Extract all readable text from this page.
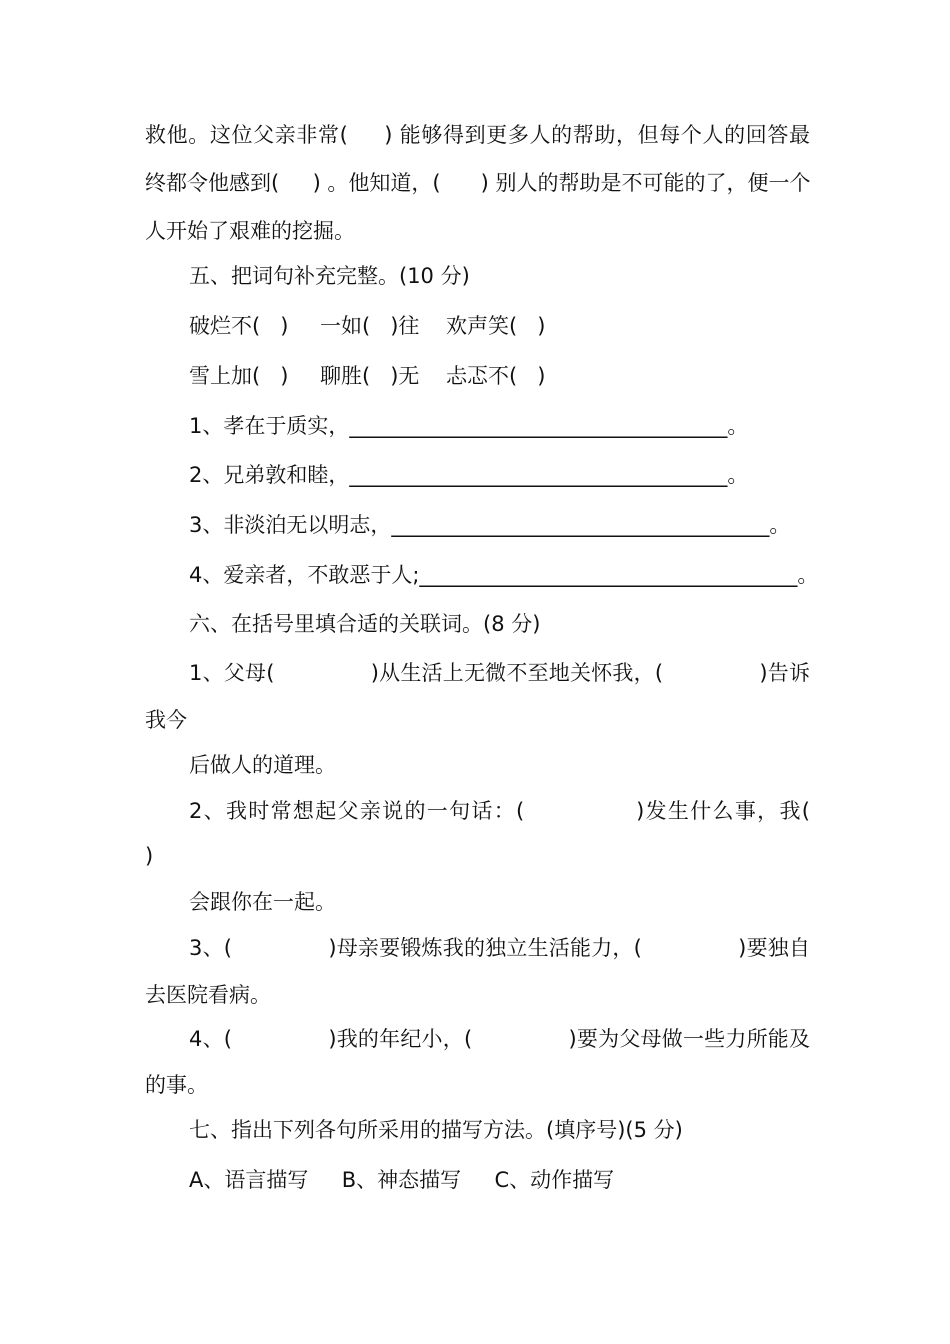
救他。这位父亲非常(     ) 能够得到更多人的帮助，但每个人的回答最
终都令他感到(     ) 。他知道，(      ) 别人的帮助是不可能的了，便一个
人开始了艰难的挖掘。
五、把词句补充完整。(10 分)
破烂不(   ) 一如(   )往 欢声笑(   )
雪上加(   ) 聊胜(   )无 忐忑不(   )
1、孝在于质实，____________________________________。
2、兄弟敦和睦，____________________________________。
3、非淡泊无以明志，____________________________________。
4、爱亲者，不敢恶于人;____________________________________。
六、在括号里填合适的关联词。(8 分)
1、父母(              )从生活上无微不至地关怀我，(              )告诉
我今
后做人的道理。
2、我时常想起父亲说的一句话：(              )发生什么事，我(
)
会跟你在一起。
3、(              )母亲要锻炼我的独立生活能力，(              )要独自
去医院看病。
4、(              )我的年纪小，(              )要为父母做一些力所能及
的事。
七、指出下列各句所采用的描写方法。(填序号)(5 分)
A、语言描写     B、神态描写     C、动作描写
